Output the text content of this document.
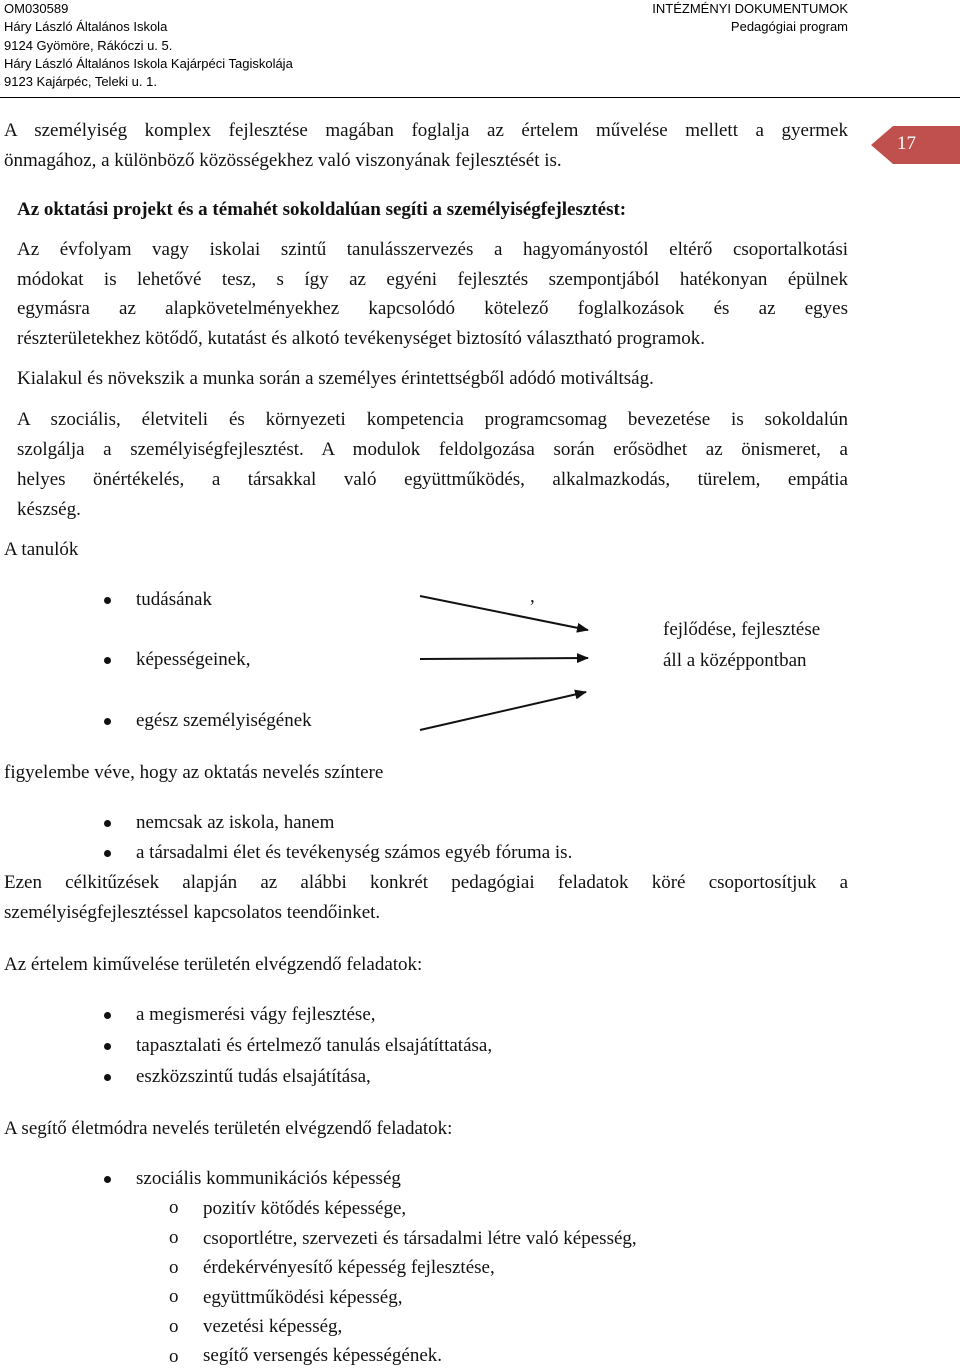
OM030589
Háry László Általános Iskola
9124 Gyömöre, Rákóczi u. 5.
Háry László Általános Iskola Kajárpéci Tagiskolája
9123 Kajárpéc, Teleki u. 1.
INTÉZMÉNYI DOKUMENTUMOK
Pedagógiai program
17

A személyiség komplex fejlesztése magában foglalja az értelem művelése mellett a gyermek

önmagához, a különböző közösségekhez való viszonyának fejlesztését is.

Az oktatási projekt és a témahét sokoldalúan segíti a személyiségfejlesztést:

Az évfolyam vagy iskolai szintű tanulásszervezés a hagyományostól eltérő csoportalkotási

módokat is lehetővé tesz, s így az egyéni fejlesztés szempontjából hatékonyan épülnek

egymásra az alapkövetelményekhez kapcsolódó kötelező foglalkozások és az egyes

részterületekhez kötődő, kutatást és alkotó tevékenységet biztosító választható programok.

Kialakul és növekszik a munka során a személyes érintettségből adódó motiváltság.

A szociális, életviteli és környezeti kompetencia programcsomag bevezetése is sokoldalún

szolgálja a személyiségfejlesztést. A modulok feldolgozása során erősödhet az önismeret, a

helyes önértékelés, a társakkal való együttműködés, alkalmazkodás, türelem, empátia

készség.

A tanulók

tudásának	,

fejlődése, fejlesztése

képességeinek,	áll a középpontban

egész személyiségének

figyelembe véve, hogy az oktatás nevelés színtere

nemcsak az iskola, hanem

a társadalmi élet és tevékenység számos egyéb fóruma is.

Ezen célkitűzések alapján az alábbi konkrét pedagógiai feladatok köré csoportosítjuk a

személyiségfejlesztéssel kapcsolatos teendőinket.

Az értelem kiművelése területén elvégzendő feladatok:

a megismerési vágy fejlesztése,

tapasztalati és értelmező tanulás elsajátíttatása,

eszközszintű tudás elsajátítása,

A segítő életmódra nevelés területén elvégzendő feladatok:

szociális kommunikációs képesség

o pozitív kötődés képessége,

o csoportlétre, szervezeti és társadalmi létre való képesség,

o érdekérvényesítő képesség fejlesztése,

o együttműködési képesség,

o vezetési képesség,

o segítő versengés képességének.
